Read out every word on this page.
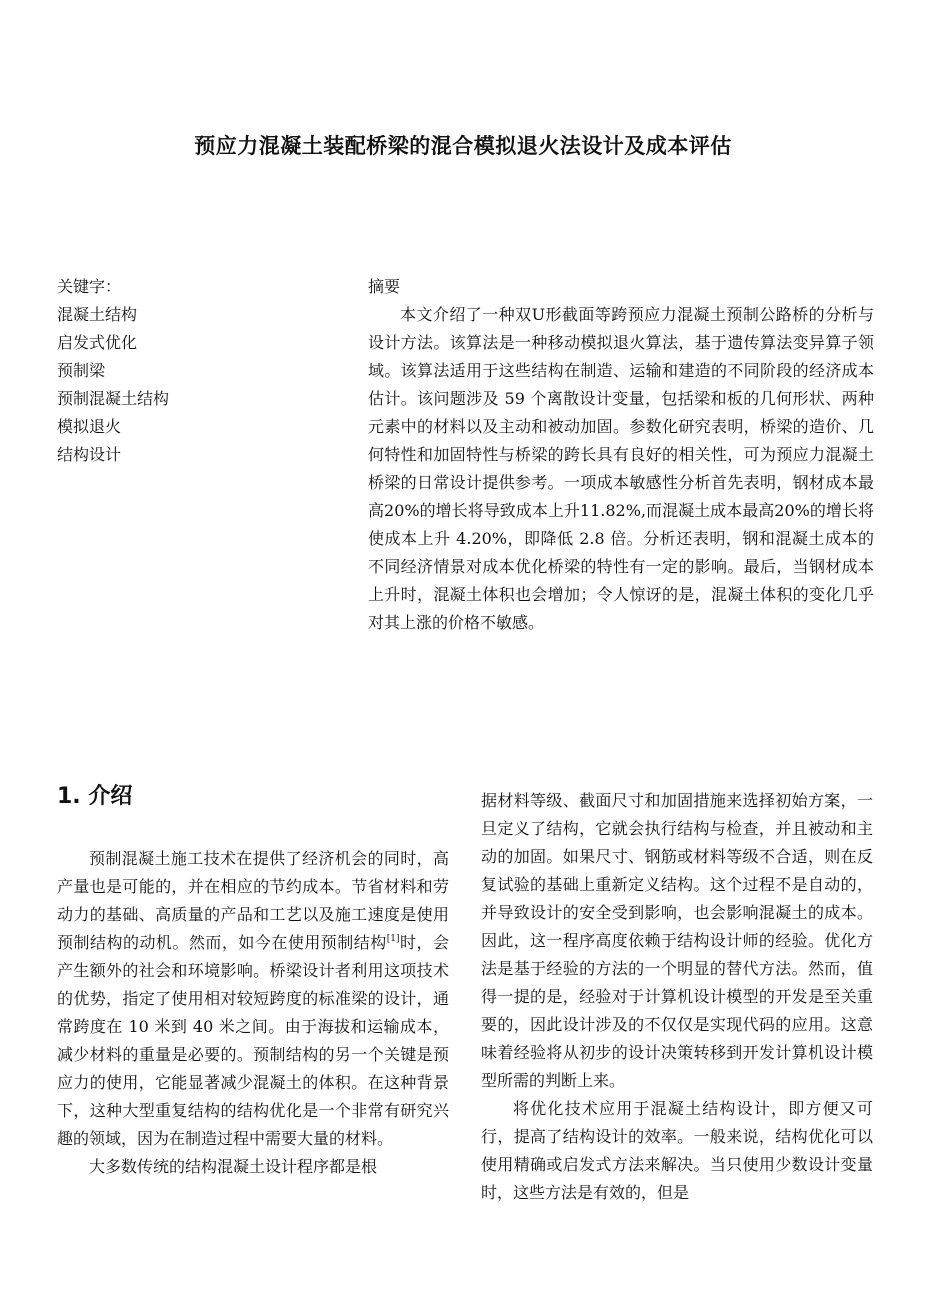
预应力混凝土装配桥梁的混合模拟退火法设计及成本评估
关键字：
混凝土结构
启发式优化
预制梁
预制混凝土结构
模拟退火
结构设计
摘要

本文介绍了一种双U形截面等跨预应力混凝土预制公路桥的分析与设计方法。该算法是一种移动模拟退火算法，基于遗传算法变异算子领域。该算法适用于这些结构在制造、运输和建造的不同阶段的经济成本估计。该问题涉及 59 个离散设计变量，包括梁和板的几何形状、两种元素中的材料以及主动和被动加固。参数化研究表明，桥梁的造价、几何特性和加固特性与桥梁的跨长具有良好的相关性，可为预应力混凝土桥梁的日常设计提供参考。一项成本敏感性分析首先表明，钢材成本最高20%的增长将导致成本上升11.82%,而混凝土成本最高20%的增长将使成本上升 4.20%，即降低 2.8 倍。分析还表明，钢和混凝土成本的不同经济情景对成本优化桥梁的特性有一定的影响。最后，当钢材成本上升时，混凝土体积也会增加；令人惊讶的是，混凝土体积的变化几乎对其上涨的价格不敏感。

1. 介绍

预制混凝土施工技术在提供了经济机会的同时，高产量也是可能的，并在相应的节约成本。节省材料和劳动力的基础、高质量的产品和工艺以及施工速度是使用预制结构的动机。然而，如今在使用预制结构[1]时，会产生额外的社会和环境影响。桥梁设计者利用这项技术的优势，指定了使用相对较短跨度的标准梁的设计，通常跨度在 10 米到 40 米之间。由于海拔和运输成本，减少材料的重量是必要的。预制结构的另一个关键是预应力的使用，它能显著减少混凝土的体积。在这种背景下，这种大型重复结构的结构优化是一个非常有研究兴趣的领域，因为在制造过程中需要大量的材料。

大多数传统的结构混凝土设计程序都是根

据材料等级、截面尺寸和加固措施来选择初始方案，一旦定义了结构，它就会执行结构与检查，并且被动和主动的加固。如果尺寸、钢筋或材料等级不合适，则在反复试验的基础上重新定义结构。这个过程不是自动的，并导致设计的安全受到影响，也会影响混凝土的成本。因此，这一程序高度依赖于结构设计师的经验。优化方法是基于经验的方法的一个明显的替代方法。然而，值得一提的是，经验对于计算机设计模型的开发是至关重要的，因此设计涉及的不仅仅是实现代码的应用。这意味着经验将从初步的设计决策转移到开发计算机设计模型所需的判断上来。

将优化技术应用于混凝土结构设计，即方便又可行，提高了结构设计的效率。一般来说，结构优化可以使用精确或启发式方法来解决。当只使用少数设计变量时，这些方法是有效的，但是
